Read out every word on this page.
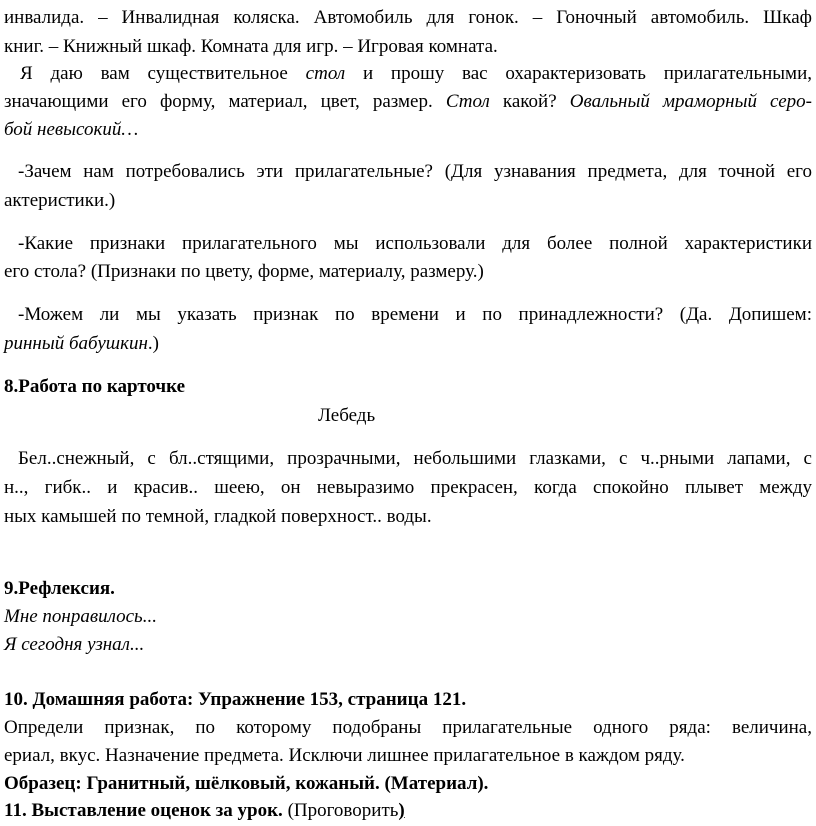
инвалида. – Инвалидная коляска. Автомобиль для гонок. – Гоночный автомобиль. Шкаф
книг. – Книжный шкаф. Комната для игр. – Игровая комната.
Я даю вам существительное стол и прошу вас охарактеризовать прилагательными,
значающими его форму, материал, цвет, размер. Стол какой? Овальный мраморный серо-
бой невысокий…
-Зачем нам потребовались эти прилагательные? (Для узнавания предмета, для точной его
актеристики.)
-Какие признаки прилагательного мы использовали для более полной характеристики
его стола? (Признаки по цвету, форме, материалу, размеру.)
-Можем ли мы указать признак по времени и по принадлежности? (Да. Допишем:
ринный бабушкин.)
8.Работа по карточке
Лебедь
Бел..снежный, с бл..стящими, прозрачными, небольшими глазками, с ч..рными лапами, с
н.., гибк.. и красив.. шеею, он невыразимо прекрасен, когда спокойно плывет между
ных камышей по темной, гладкой поверхност.. воды.
9.Рефлексия.
Мне понравилось...
Я сегодня узнал...
10. Домашняя работа: Упражнение 153, страница 121.
Определи признак, по которому подобраны прилагательные одного ряда: величина,
ериал, вкус. Назначение предмета. Исключи лишнее прилагательное в каждом ряду.
Образец: Гранитный, шёлковый, кожаный. (Материал).
11. Выставление оценок за урок. (Проговорить)
